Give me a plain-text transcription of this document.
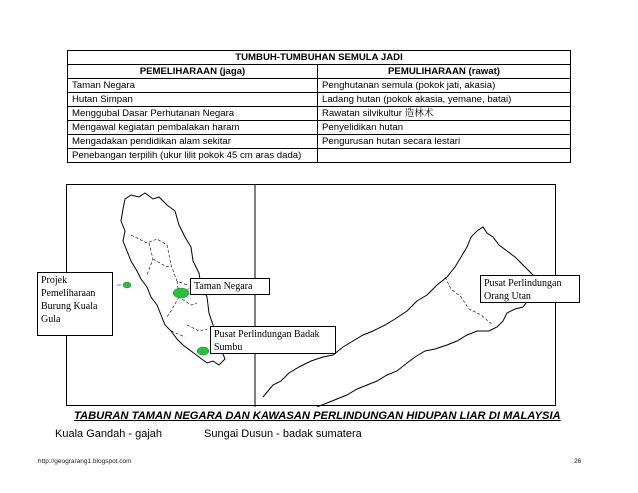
TUMBUH-TUMBUHAN SEMULA JADI	
PEMELIHARAAN (jaga)	PEMULIHARAAN (rawat)
Taman Negara	Penghutanan semula (pokok jati, akasia)
Hutan Simpan	Ladang hutan (pokok akasia, yemane, batai)
Menggubal Dasar Perhutanan Negara	Rawatan silvikultur 造林术
Mengawal kegiatan pembalakan haram	Penyelidikan hutan
Mengadakan pendidikan alam sekitar	Pengurusan hutan secara lestari
Penebangan terpilih (ukur lilit pokok 45 cm aras dada)	
Projek Pemeliharaan Burung Kuala Gula
Taman Negara
Pusat Perlindungan Badak Sumbu
Pusat Perlindungan Orang Utan
TABURAN TAMAN NEGARA DAN KAWASAN PERLINDUNGAN HIDUPAN LIAR DI MALAYSIA
Kuala Gandah - gajah	Sungai Dusun - badak sumatera
http://geograrang1.blogspot.com	26
